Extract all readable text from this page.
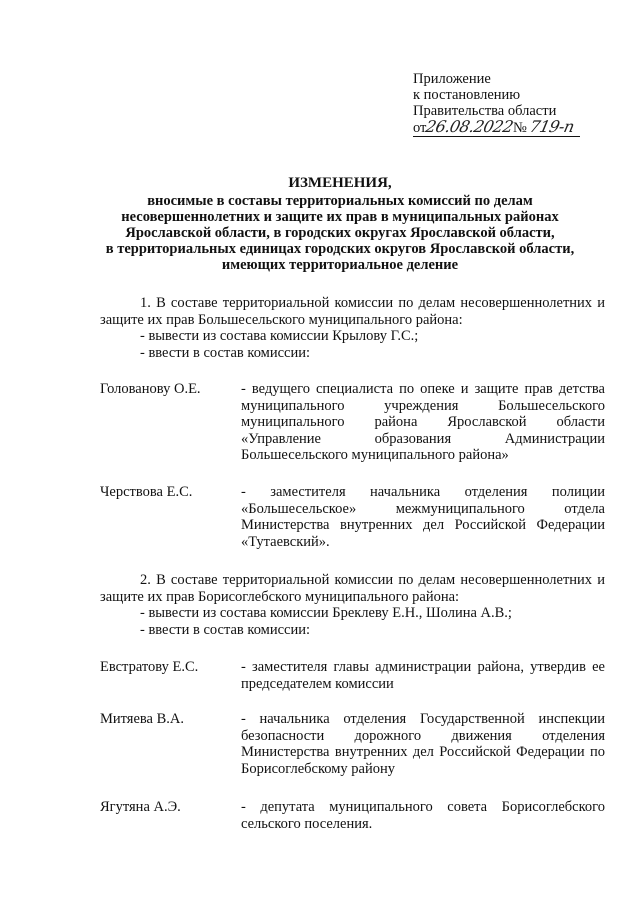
Приложение
к постановлению
Правительства области
от26.08.2022№ 719-п
ИЗМЕНЕНИЯ,
вносимые в составы территориальных комиссий по делам
несовершеннолетних и защите их прав в муниципальных районах
Ярославской области, в городских округах Ярославской области,
в территориальных единицах городских округов Ярославской области,
имеющих территориальное деление
1. В составе территориальной комиссии по делам несовершеннолетних и защите их прав Большесельского муниципального района:
- вывести из состава комиссии Крылову Г.С.;
- ввести в состав комиссии:
Голованову О.Е.	- ведущего специалиста по опеке и защите прав детства муниципального учреждения Большесельского муниципального района Ярославской области «Управление образования Администрации Большесельского муниципального района»
Черствова Е.С.	- заместителя начальника отделения полиции «Большесельское» межмуниципального отдела Министерства внутренних дел Российской Федерации «Тутаевский».
2. В составе территориальной комиссии по делам несовершеннолетних и защите их прав Борисоглебского муниципального района:
- вывести из состава комиссии Бреклеву Е.Н., Шолина А.В.;
- ввести в состав комиссии:
Евстратову Е.С.	- заместителя главы администрации района, утвердив ее председателем комиссии
Митяева В.А.	- начальника отделения Государственной инспекции безопасности дорожного движения отделения Министерства внутренних дел Российской Федерации по Борисоглебскому району
Ягутяна А.Э.	- депутата муниципального совета Борисоглебского сельского поселения.
